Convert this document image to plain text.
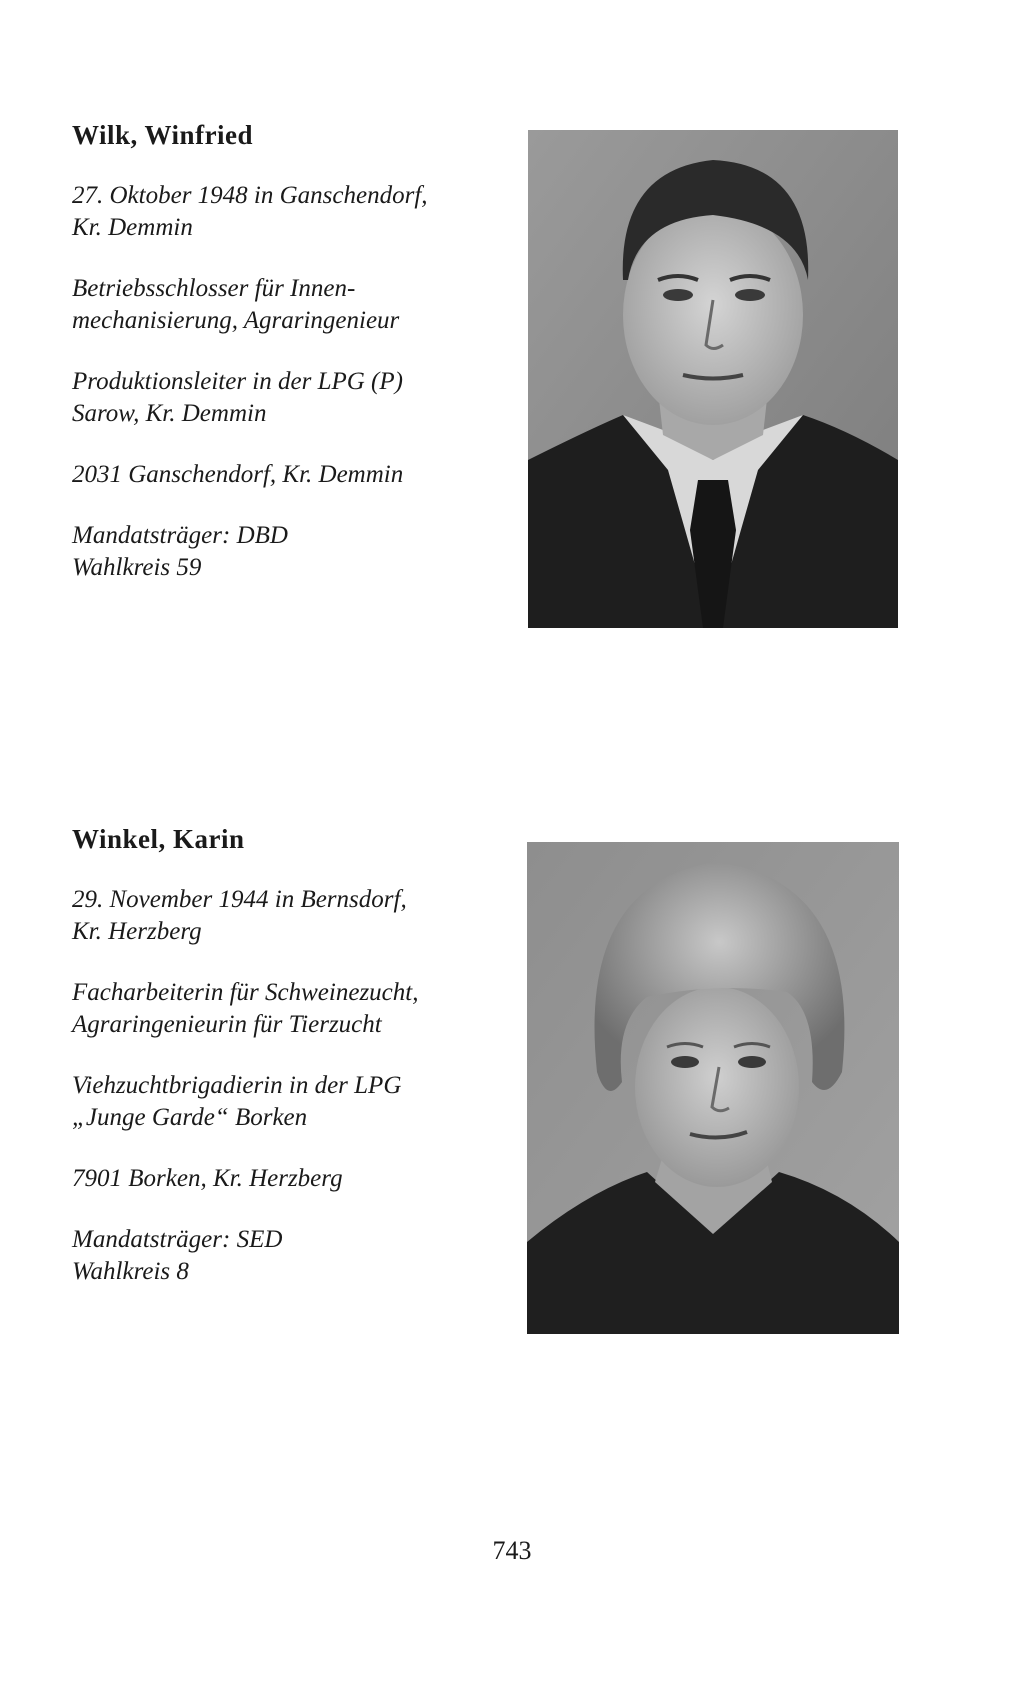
Wilk, Winfried
27. Oktober 1948 in Ganschendorf,
Kr. Demmin
Betriebsschlosser für Innen-
mechanisierung, Agraringenieur
Produktionsleiter in der LPG (P)
Sarow, Kr. Demmin
2031 Ganschendorf, Kr. Demmin
Mandatsträger: DBD
Wahlkreis 59
Winkel, Karin
29. November 1944 in Bernsdorf,
Kr. Herzberg
Facharbeiterin für Schweinezucht,
Agraringenieurin für Tierzucht
Viehzuchtbrigadierin in der LPG
„Junge Garde“ Borken
7901 Borken, Kr. Herzberg
Mandatsträger: SED
Wahlkreis 8
743
